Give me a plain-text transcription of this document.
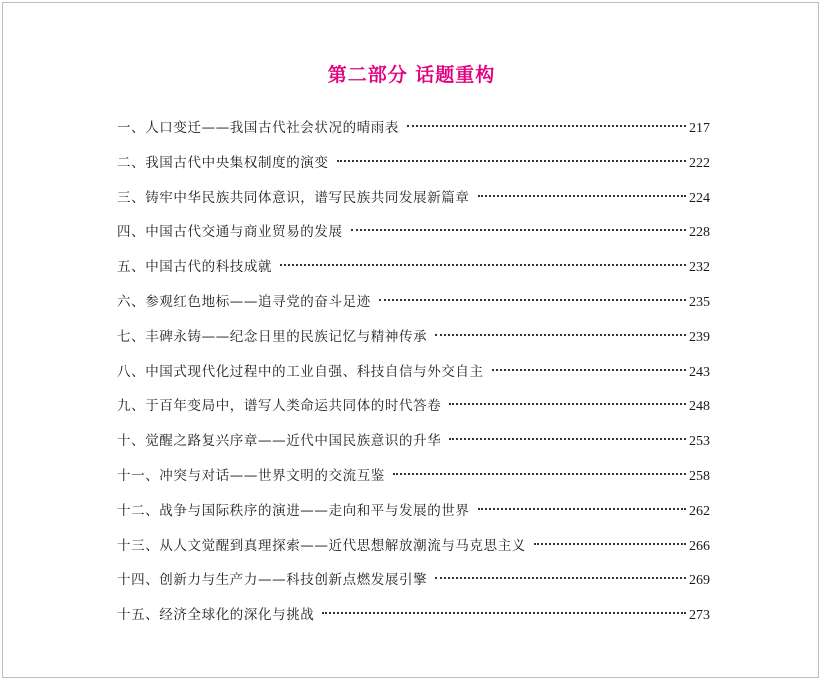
第二部分 话题重构
一、人口变迁——我国古代社会状况的晴雨表	217
二、我国古代中央集权制度的演变	222
三、铸牢中华民族共同体意识，谱写民族共同发展新篇章	224
四、中国古代交通与商业贸易的发展	228
五、中国古代的科技成就	232
六、参观红色地标——追寻党的奋斗足迹	235
七、丰碑永铸——纪念日里的民族记忆与精神传承	239
八、中国式现代化过程中的工业自强、科技自信与外交自主	243
九、于百年变局中，谱写人类命运共同体的时代答卷	248
十、觉醒之路复兴序章——近代中国民族意识的升华	253
十一、冲突与对话——世界文明的交流互鉴	258
十二、战争与国际秩序的演进——走向和平与发展的世界	262
十三、从人文觉醒到真理探索——近代思想解放潮流与马克思主义	266
十四、创新力与生产力——科技创新点燃发展引擎	269
十五、经济全球化的深化与挑战	273
